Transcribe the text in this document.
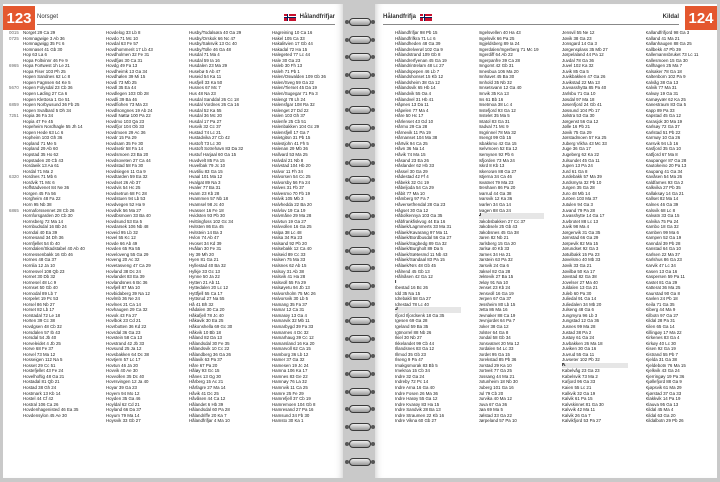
123 Norsget	Hålandfrifjar
0015 Norget 29 Ca 29
0725 Homnagwige 3 Ab 36
Homnagwigg 35 Fc 6
Homnaset 41 Gb 30
Hop 63 La 6
Hopa Foltvinnr 46 Fe 9
6965 Hopa Fortwest 1h Le 21
Hopa Fiser 103 Ph 25
Hopen Sandnes 62 Lc 8
Hopen Fagnsen 64 Ke 5
5670 Hopen Folysdal 23 Cb 36
Hopen Løding 27 Ca 6
Hopen Klettosa 1 Ge 51
6859 Hopen Norbyusund 36 Fb 25
Hopen Svalbard 5 Dh 34
7251 Hopia 36 Fa 34
Hopia 47 Fe 45
Hopeheim Nordhagle 55 Jh 14
Hopen Hede 63 Lc 6
Hopheim 103 Gh 36
Hopland 71 Me 5
Hopland 29 Ab 60
Hopstad 35 Ho 62
Hopstaden 20 Cb 43
Hordaeik 13 Aa 61
Hordal 71 Ma 2
6320 Hordnes 71 Mb 6
Hordvik 71 Mc 6
Hoffstadvenet 84 Ne 36
Horgen 45 Fa 56
Horgheim 48 Fa 22
Horn 95 Nb 38
6865 Hornaforssennet 28 Cb 26
Hornforsgarden 20 Cb 30
Hornsberg 72 Ma 14
Hornbudsdal 16 Bb 24
Horndal 40 Ea 39
Hornesand 34 Dh 36
Hornfjellet 54 Ib 40
Horndalen/Skadstabel 40 Ab 40
Hornessenbakk 16 Gb 46
Hornes 48 Ga 37
Hornlia 12 Ja 10
Hornesvel 108 Qb 23
Hornet 30 Db 32
Hornesel 48 Lc 9
Hornset 50 Gb 40
Hornodal 89 Lb 7
Horpelet 19 Pc 53
Horsel 86 Nb 27
Horset 82 Lb 17
Horstadal 72 Le 18
Horten 39 Cc 38
Hovdgsen 48 Cb 32
Horsdalen 57 Ib 43
Horsdal 54 Jb 40
Horveleidet 4 Jb 25
Horve 68 Fe 37
Horvel 73 Ma 12
Hosseigen 112 Na 5
Hosset 29 Cc 51
Hostefjellet 43 Fe 24
Hovelhoftig 48 Ga 21
Hostadal 81 Qb 21
Hostad 38 Gh 24
Hostmark 13 Kb 14
Hostel 44 Cf 42
Hostral 106 Ca 26
Hovdenhagenisted 46 Ea 35
Hovdensylon 45 Ae 30
Hovdelog 33 Lb 8
Hovdo 71 Mc 10
Hovdal 63 Fe 57
Hovdhommerit 17 Lb 43
Hovdholmen 32 Fe 31
Hovdfjøs 30 Ca 31
Hovdg 49 Fa 13
Hovdheimk 13 Ga 34
Hovdhølen 39 Mi 15
Hovdi 73 Mb 25
Hovdl 35 Ea 44
Hovdlegen 103 Ob 28
Hovdli 39 Ba 46
Hovdfiohen 73 Ma 23
Hovdlsongnes 19 Ab 24
Hovdl Nøttø 100 Pa 22
Hovdmo 103 Qa 23
Hovdfjor 104 Ob 33
Hovdmoen 29 Ac 36
Hovdr 15 Pa 29
Hovdsam 35 Fe 30
Hovdsetir 58 Fa 14
Hovdsmoen 23 Ba 20
Hovdsoveten 27 Ca 44
Hovdstad 58 Fa 30
Hovdsiegen 11 Ga 9
Hovdtarden 59 Ea 32
Hovdset 26 Ab 37
Hovdvis 54 Hc 25
Hovdsetrun 68 Fc 28
Hovdstuen 94 Lb 53
Hovdvegen 52 Ha 9
Hovdvik 56 Ma 27
Hovdbsmoen 33 Ba 40
Hovdsund 53 Ea 5
Hovdarsek 106 Nb 48
Hoveid 95 Lb 32
Hovel 55 Kc 12
Hovde 66 Ab 49
Hovden 65 Ra 55
Hoveloveng 55 Ga 29
Hoveng 20 Ac 32
Hovetasveng 47 Ca 29
Hovland 38 Dc 24
Hovlandet 83 Ea 39
Hovlandsnes 6 Bc 36
Hovfjell 87 Ma 10
Hovbidaberg 39 Na 12
Hovlmb 36 Ne 24
Hovlnes 21 Ca 14
Hovhaugen 29 Ca 32
Hovok 43 Fa 27
Hovlbok 23 Cd 21
Hovrbotten 36 Kd 22
Hovrdal 36 Ga 23
Hovstein 58 Ca 13
Hovstrand 42 Jb 33
Hovsund 25 Ja 12
Hovsbakken 64 Dc 38
Hovtjern 57 Lc 17
Hovtun 46 Ja 20
Hovvik 40 Ae 30
Hovvollen 35 Dc 40
Hovrsvingen 12 Ja 40
Hoyar 39 Ga 23
Hoyem 94 Mo 12
Hoyden 35 Ga 46
Hoyldal 62 Cd 21
Hoyland 66 Da 37
Hoyum 79 Ma 14
Hoysvik 33 Gb 27
Husby/Todalsøra 40 Ga 29
Husby/Orskok 66 Nc 47
Husby/Saksvik 13 Gc 40
Husby/Tolle 46 Ga 48
Husdal 71 Ma 4
Husdal 59 Ia 16
Husdalen 23 Ma 29
Husebø 5 Ab 47
Huseid 54 Ka 11
Husfjell 33 Ka 50
Husnes 67 Mc 7
Hus 48 Na 23
Husdal Sanddal 26 Cc 18
Husdal Vordnes 26 Ca 16
Husdal 52 Ka 55
Husdal 36 Mc 20
Husdal 17 Pa 27
Husvik 32 Cc 37
Hustad 74 Lc 21
Hustadvika 27 Cb 42
Hustoft 73 Lc 30
Hustoft Sotrehavn 83 Da 32
Hustuf Harjaal 60 Ga 15
Huvdvelt 85 Fa 15
Huvelbak 79 Jc 10
Huvtiliu 83 Ga 15
Hvaal 101 Ma 12
Hvalgat 89 Na 3
Hvaler 77 Ba 31
Hvam 23 Kb 28
Hvammen 57 Nb 18
Hvamsel 98 Jc 40
Hvasser 16 Fe 18
Hvidsten 93 Pb 30
Hvittingfoss 102 Gc 34
Hvitsten 86 Ea 45
Hvitstein 14 Ba 3
Hvlon 74 Ab 47
Hvoset 34 Kd 39
Hvålan 30 Fe 31
Hy 39 Mh 20
Hyen 81 Ga 21
Hyllestad 40 Ba 32
Hylkje 33 Gc 13
Hynne 50 Ja 22
Hytten 21 Ab 11
Hyttedalen 20 Lc 12
Hyttfjell 55 Ca 17
Hyttsrud 27 Na 55
Hå 41 Bh 32
Hådalen 30 Ca 20
Håkafjell 78 Jc 40
Håkavik 30 Ea 25
Håkonshella 69 Gc 30
Håkvik 10 Bb 18
Håland 82 Da 13
Hålandsdal 30 Fe 35
Hålandsvik 10 Cc 22
Hålandberg 36 Ga 26
Hålavik 63 Pa 37
Håre 67 Pa 20
Håløy 93 Gc 15
Hånes 13 Gg 30
Hårberg 15 Ac 21
Hårfagre 27 Ma 14
Håvik 41 Dc 25
Håvåsen 44 Ca 12
Hålandet 6 Hb 39
Hålandsdal 60 Pa 28
Hålandriffe 20 Ka 7
Hålandfrifjar 4 Ma 10
Hagreining 10 Ca 16
Hakel 105 Ca 33
Hakalitvien 17 Gb 44
Hakadal 72 Ha 15
Halegeted 77 Lc 44
Hale 30 Ga 23
Haleb 30 Fh 13
Haleh 71 Pb 1
Halen/Oswalden 109 Gb 36
Halen/Sveg 59 Ga 22
Halen/Tierset 45 Da 19
Halen/Sugegar 71 Pa 3
Halengt 78 Lh 24
Halensfgar 108 Ra 32
Halenget 27 Dd 22
Halen 103 Gh 37
Halenfe 25 Cb 51
Halenbakken 104 Gc 29
Halensfjell 17 Ga 7
Haletgitsn 31 Pb 15
Halestjohn 41 Fh 5
Halenan 29 Mb 36
Hallvard 53 Ma 25
Halvdal 21 Nb 8
Halvstad 104 Hb 20
Halvor 11 Fh 34
Halvorsen 54 Cc 25
Halvorsby 56 Fa 24
Halves 31 Fb 37
Halvesmo 70 Fb 19
Halvik 105 Mb 3
Halvhedda 22 Ba 20
Halvlov 19 Ca 19
Halvmåne 29 Ma 28
Halvtun 19 Ga 27
Halvvollen 16 Ga 25
Halpa 38 Lc 48
Halsa 34 Ra 23
Halsand 92 Pb 20
Halsebakk 12 Ca 40
Halseid 89 Cc 33
Halsen 75 Ma 33
Halsnes 62 Ab 15
Halsoy 31 Ab 38
Halsvik 41 Ha 28
Halsvoll 55 Fa 29
Halsøyetu 94 Jb 13
Halvorsholm 75 Mc 26
Halvorsvik 30 Lb 5
Hamang 35 Fa 37
Hamar 12 Ca 31
Hamarøy 13 Ga 4
Hamarvik 32 Mb 11
Hamarbygd 39 Fa 33
Hamarnes 4 Dc 32
Hamarhaug 39 Cc 12
Hamarsland 16 Ka 20
Hamarvoll 62 Ca 15
Hamborg 36 Lb 12
Hamer 37 Ga 32
Hamesen 19 Jc 24
Hamna 106 Ka 17
Hamnes 83 Ge 22
Hamnøy 76 La 32
Hamnvik 11 Ca 25
Hamre 25 Fe 29
Hamrefjell 37 Cb 19
Hamremoen 104 Gb 8
Hamresand 27 Pa 16
Hamsund 34 Fb 30
Hamsto 30 Ka 1
124
Hålandfrifja	Kildal
Hålandfrifjar 98 Pb 15
Hålandfrifkra 71 Lc 6
Hålandheden 48 Ga 39
Hålandrelverøl 102 Ga 9
Hålandstrand 109 Gb 8
Hålandrerfyenan 45 Ga 19
Hålandrintrelam 48 Lc 27
Hålandspepen 46 Lb 7
Hålandshonset 15 Kb 12
Hålandsheim 38 Ga 12
Hålandsvik 65 Hb 14
Hålandvik 55 Oa 4
Hålandvel 31 Hb 41
Håpnes 13 Da 11
Håpelen 77 Ma 4
Håre 50 Hc 17
Hårlenset 43 Gd 10
Hårmo 29 Ca 28
Hårnevik 11 Pa 19
Hårnanset 104 Ma 38
Hårtvik 94 Ca 25
Håvn 36 Na 14
Håvik 74 Ma 15
Håsand 23 Ea 26
Håslander 62 Hb 33
Håssel 30 Ga 29
Hådestad 42 Ff 4
Håbekk 32 Gc 19
Håbeljoda 54 Ca 29
Håbit 77 Ma 10
Håmberg 97 Fa 7
Håversetfrendal 28 Ga 23
Hågset 30 Ga 12
Håbolkennya 103 Ga 35
Håbfrankfiskvog 44 Ea 16
Hålaek/Lagmmerts 33 Ma 31
Hålaek/Kavarang 97 Ma 11
Hålaek/Bordbusdal 56 Ga 27
Hålaek/Sagbedg 89 Ga 32
Hålaek/Burgholt 89 Da 5
Hålaek/Sætesmd 11 Nb 43
Hålaek/Sandaal 83 Pa 15
Hålaek/Nrs 48 Gb 45
Hålrend 45 Gb 13
Hålnåsen 42 Ga 12
I
Ibestad 16 Bc 26
Idd 35 Na 15
Idrebakli 58 Ga 27
Idrestad 78 Lc 40
J
Ifjord Ifjordsenk 18 Ga 35
Igesen 69 Ga 28
Igeland 59 Ba 35
Igtmorrel 88 Nb 26
Ikiel 30 Nb 27
Ikkelandet 99 Cb 44
Illandsnes 83 Ga 12
Illmod 35 Gb 23
Ilseng 9 Pa 47
Imakgsmorak 83 Bb 5
Imekroa 15 Cb 34
Indre 32 Ga 24
Indreby 72 Pc 14
Indre Arna 16 Ga 40
Indre Fosen 26 Ma 36
Indre Harøy 55 Ga 12
Indre Kvarøy 83 Ha 15
Indre Sandvik 28 Ba 13
Indre Straumen 22 Kb 16
Indre Vikna 60 Gb 27
Ingelsvellen 40 Ha 43
Ingelsvik 66 Pa 25
Ingjeldsberg 89 Ia 24
Ingerdalen/Ingerberg 71 Mc 19
Ingerdiff 64 Ab 22
Ingerpanfre 39 Ca 28
Inngomt 42 Gb 31
Innesbua 106 Ma 20
Innhavet 45 Ba 30
Innhold 35 Nb 32
Innsetsvann 12 Ga 40
Innvik 35 Ka 13
Ins 61 Bb 16
Insetmoa 38 Lc 4
Instefjord 93 Ga 12
Instelet 35 Ma 5
Intatol 83 Ga 31
Iradval 71 Mc 9
Irsgrinnel 78 Ma 32
Irsengt 99 Gb 15
Isbakkmo 42 Ga 15
Iselvmoen 52 Ea 12
Isemysen 92 Pb 6
Isfjorden 73 Ma 24
Iskrd 8 Kb 13
Iskerorøn 88 Ga 27
Istjerna 34 Ca 46
Isvatnet 79 Ma 23
Itreshavn 86 Pa 20
Ivarrud 44 Ga 38
Ivarsvik 12 Ka 36
Ivarlen 34 Ga 14
Ivagen 88 Ga 24
J
Jakobsbakken 27 Cc 37
Jakobselv 25 Gb 43
Jakobsnes 45 Ga 38
Jaren 82 Nb 21
Jarlsberg 15 Ga 20
Jarlsø 40 Kb 33
Jarnes 34 Ha 21
Jarstein 63 Pa 32
Jarsvik 24 Ga 6
Jaksel 82 Ga 28
Jektevik 27 Ba 15
Jeløy 91 Na 10
Jenset 23 Kb 24
Jensvoll 16 Ga 19
Jerpen 67 Ga 37
Jessheim 80 Lb 15
Jetta 86 Ma 16
Jevnaker 88 Ca 19
Jevnjordet 64 Pa 7
Joker 38 Ga 12
Jolster 64 Ga 8
Jondal 58 Gb 34
Jonsvatnet 20 Ma 12
Jordalen 54 Lc 33
Jordet 95 Ga 15
Jorekstad 85 Pb 36
Jorstad 29 Ka 10
Jortveit 77 Ga 25
Jossang 44 Ma 21
Jotunheim 18 Nb 30
Juberg 101 Ga 16
Jul 79 Cb 20
Jurvika 40 Ma 12
Juva 67 Ga 36
Jøa 69 Ma 5
Jølstad 33 Ga 22
Jørpeland 57 Pa 10
Jensvil 55 Ne 12
Jøvik 38 Ga 23
Jonsgard 14 Ga 3
Jørgensplass 35 Mb 27
Jørpelaland 44 Pa 12
Juvdal 78 Ga 36
Juvel 102 Ka 32
Juvik 85 Ga 5
Juvikbakken 47 Ga 26
Juvikstad 22 Ma 13
Juvvasshytta 85 Pa 40
Jarlsbu 71 Ga 10
Jøsdal 97 Ma 18
Jøsenfjord 24 Gb 41
Jøssund 104 Pb 17
Jølstra 53 Ga 30
Jørgenst 56 Ga 12
Jølle 16 Pb 21
Jøvik 75 Ga 29
Jørstadmoen 57 Ka 25
Juberg Vikha 43 Mc 33
Juge 36 Ga 17
Jugeberg 62 Ka 22
Julsundet 45 Ga 11
Jupen 13 Pa 24
Jurd 61 Ga 8
Jurdebakk 57 Ma 39
Jurdsmyra 32 Pb 10
Jurgen 35 Ga 28
Juro 48 Mb 14
Juröen 103 Ma 37
Jutulen 94 Ga 3
Juvand 79 Pa 28
Juvasshytte 14 Ga 17
Juvbrotet 88 Lc 13
Juvik 98 Ma 4
Jørgenvik 31 Ga 35
Jørnstad 66 Ga 29
Jørpevik 82 Ma 15
Jørundset 92 Ga 3
Jøtulbakk 15 Pa 23
Jøvelsmo 40 Mb 33
Jøvik 33 Ga 21
Jøvilbø 50 Ka 17
Jøvstad 82 Ga 38
Jovelser 27 Ma 40
Juldalen 13 Ga 21
Juleb 60 Pa 30
Juliedal 91 Ga 14
Juliedalen 34 Mb 20
Julseng 48 Ga 6
Jungmyra 96 Lb 3
Jungstad 12 Ga 36
Jusnes 99 Ma 28
Justad 38 Pa 2
Justøy 61 Ga 24
Juvbakken 26 Ma 18
Juviken 30 Ga 16
Juvrud 55 Ga 11
Juvseter 102 Pb 32
K
Kabelvåg 23 Ga 23
Kabelsvik 73 Ma 2
Kafjord 96 Ga 33
Kaien 55 Lc 21
Kalkvik 32 Ga 19
Kalvik 61 Pa 15
Kalvskinnet 81 Ga 30
Kalvvik 42 Ma 11
Kalvik 26 Ga 7
Kalvikfjord 53 Pa 27
Kallandfrifjord 98 Ga 3
Kalland 41 Ma 21
Kallanhaugen 88 Ga 25
Kallbekk 47 Pb 39
Kallemannsbruket 73 Lc 11
Kallesmoen 15 Ga 30
Kallhagen 25 Ma 7
Kalsaker 78 Ga 18
Kaltenborn 102 Pa 9
Kalvåg 38 Ga 13
Kalvik 77 Ma 31
Kalvøy 19 Ga 31
Kamøyvær 62 Ka 25
Kanestraum 83 Ga 5
Kapp 89 Pa 33
Kapstad 45 Ga 12
Karasjok 30 Ma 19
Karlsøy 72 Ga 37
Karlstad 51 Pb 22
Karmøy 10 Ga 26
Karsvik 94 Lb 16
Kasfjord 35 Ga 10
Katfjord 67 Ma 8
Kaupanger 87 Ga 28
Kautokeino 20 Pa 13
Kaupang 41 Ga 34
Kavåsen 54 Ma 26
Kaldfarnes 93 Ga 2
Kalkvika 27 Pb 35
Kallaksøy 14 Ga 21
Kallset 82 Ma 14
Kalnes 46 Ga 39
Kalsvik 68 Lc 8
Kalvatn 33 Ga 15
Kalvika 75 Pa 24
Kambo 18 Ga 32
Kamben 99 Ma 6
Kampen 52 Ga 19
Kanndal 39 Pb 28
Kanstad 64 Ga 10
Karlsen 22 Ma 37
Karlshus 86 Ga 23
Karvik 47 Lc 34
Kasen 13 Ga 16
Kaspersen 59 Pa 11
Kastet 81 Ga 29
Katterat 36 Ma 25
Kaurstad 90 Ga 8
Kavlen 24 Pb 18
Keila 71 Ga 35
Kiberg 44 Ma 9
Kilbotn 97 Ga 27
Kildal 28 Pa 31
Kilen 65 Ga 14
Killingøy 17 Ma 22
Kirkenes 83 Ga 4
Kirkøy 40 Lc 30
Kisen 92 Ga 19
Kistrand 55 Pb 7
Kjelda 31 Ga 38
Kjeldebotn 76 Ma 15
Kjelkvik 43 Ga 24
Kjerringøy 19 Pa 36
Kjøllefjord 88 Ga 9
Kjøpsvik 61 Ma 29
Kjørstad 37 Ga 33
Klakkvik 14 Pa 19
Klauva 95 Ga 13
Kildal 45 Ma 4
Kildal 63 Ga 20
Kildalbotn 29 Pb 26
